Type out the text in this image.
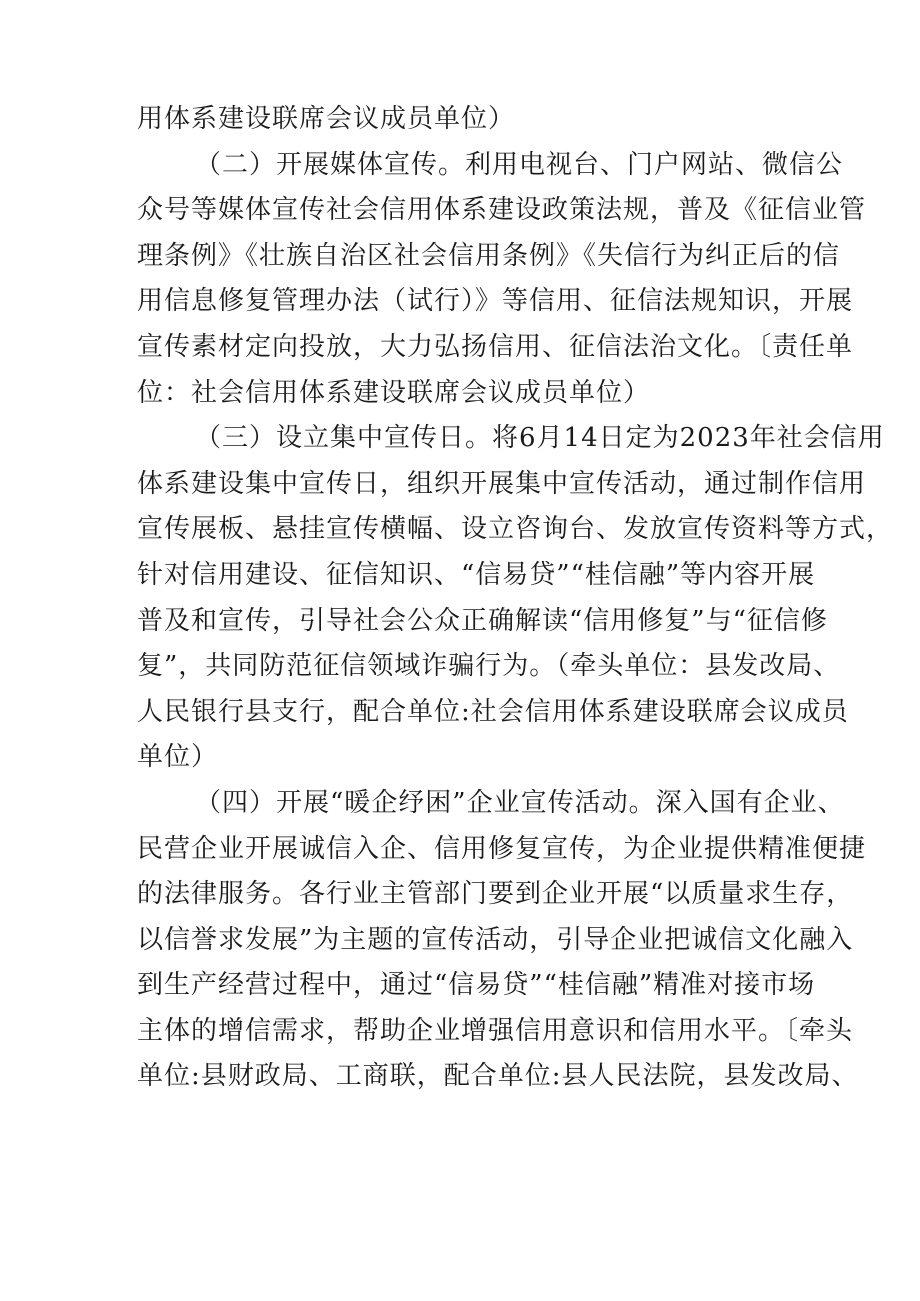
用体系建设联席会议成员单位）
（二）开展媒体宣传。利用电视台、门户网站、微信公
众号等媒体宣传社会信用体系建设政策法规，普及《征信业管
理条例》《壮族自治区社会信用条例》《失信行为纠正后的信
用信息修复管理办法（试行）》等信用、征信法规知识，开展
宣传素材定向投放，大力弘扬信用、征信法治文化。〔责任单
位：社会信用体系建设联席会议成员单位）
（三）设立集中宣传日。将6月14日定为2023年社会信用
体系建设集中宣传日，组织开展集中宣传活动，通过制作信用
宣传展板、悬挂宣传横幅、设立咨询台、发放宣传资料等方式，
针对信用建设、征信知识、“信易贷”“桂信融”等内容开展
普及和宣传，引导社会公众正确解读“信用修复”与“征信修
复”，共同防范征信领域诈骗行为。（牵头单位：县发改局、
人民银行县支行，配合单位:社会信用体系建设联席会议成员
单位）
（四）开展“暖企纾困”企业宣传活动。深入国有企业、
民营企业开展诚信入企、信用修复宣传，为企业提供精准便捷
的法律服务。各行业主管部门要到企业开展“以质量求生存，
以信誉求发展”为主题的宣传活动，引导企业把诚信文化融入
到生产经营过程中，通过“信易贷”“桂信融”精准对接市场
主体的增信需求，帮助企业增强信用意识和信用水平。〔牵头
单位:县财政局、工商联，配合单位:县人民法院，县发改局、
